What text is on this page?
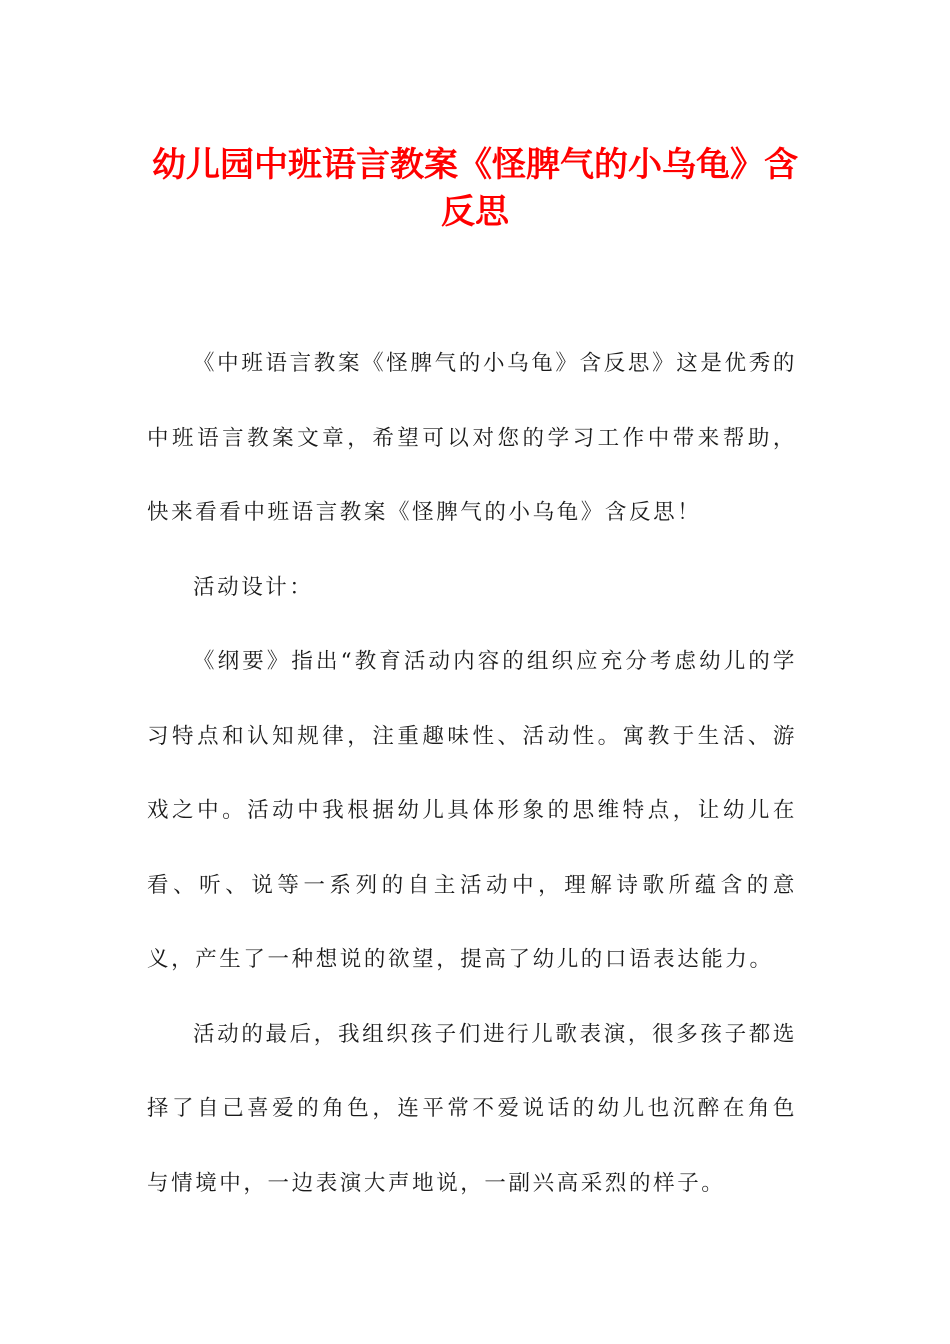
幼儿园中班语言教案《怪脾气的小乌龟》含反思

《中班语言教案《怪脾气的小乌龟》含反思》这是优秀的中班语言教案文章，希望可以对您的学习工作中带来帮助，快来看看中班语言教案《怪脾气的小乌龟》含反思！

活动设计：

《纲要》指出“教育活动内容的组织应充分考虑幼儿的学习特点和认知规律，注重趣味性、活动性。寓教于生活、游戏之中。活动中我根据幼儿具体形象的思维特点，让幼儿在看、听、说等一系列的自主活动中，理解诗歌所蕴含的意义，产生了一种想说的欲望，提高了幼儿的口语表达能力。

活动的最后，我组织孩子们进行儿歌表演，很多孩子都选择了自己喜爱的角色，连平常不爱说话的幼儿也沉醉在角色与情境中，一边表演大声地说，一副兴高采烈的样子。
